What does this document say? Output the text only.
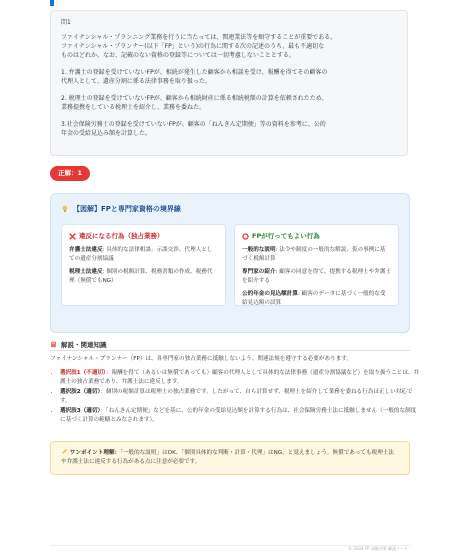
問1

ファイナンシャル・プランニング業務を行うに当たっては、関連業法等を順守することが重要である。

ファイナンシャル・プランナー(以下「FP」という)の行為に関する次の記述のうち、最も不適切な

ものはどれか。なお、記載のない資格の登録等については一切考慮しないこととする。

1. 弁護士の登録を受けていないFPが、相続が発生した顧客から相談を受け、報酬を得てその顧客の

代理人として、遺産分割に係る法律事務を取り扱った。

2. 税理士の登録を受けていないFPが、顧客から相続財産に係る相続税額の計算を依頼されたため、

業務提携をしている税理士を紹介し、業務を委ねた。

3.社会保険労務士の登録を受けていないFPが、顧客の「ねんきん定期便」等の資料を参考に、公的

年金の受給見込み額を計算した。

正解：1
【図解】FPと専門家資格の境界線
違反になる行為（独占業務）

弁護士法違反: 具体的な法律相談、示談交渉、代理人としての遺産分割協議

税理士法違反: 個別の税額計算、税務書類の作成、税務代理（無償でもNG）

FPが行ってもよい行為

一般的な説明: 法令や制度の一般的な解説、仮の事例に基づく税額計算

専門家の紹介: 顧客の同意を得て、提携する税理士や弁護士を紹介する

公的年金の見込額計算: 顧客のデータに基づく一般的な受給見込額の試算

解説・関連知識

ファイナンシャル・プランナー（FP）は、各専門家の独占業務に抵触しないよう、関連法規を遵守する必要があります。

• 選択肢1（不適切）：報酬を得て（あるいは無償であっても）顧客の代理人として具体的な法律事務（遺産分割協議など）を取り扱うことは、弁護士の独占業務であり、弁護士法に違反します。
• 選択肢2（適切）：個別の税額計算は税理士の独占業務です。したがって、自ら計算せず、税理士を紹介して業務を委ねる行為は正しい対応です。
• 選択肢3（適切）：「ねんきん定期便」などを基に、公的年金の受給見込額を計算する行為は、社会保険労務士法に抵触しません（一般的な制度に基づく計算の範疇とみなされます）。
ワンポイント理解：「一般的な説明」はOK、「個別具体的な判断・計算・代理」はNG、と覚えましょう。無償であっても税理士法や弁護士法に違反する行為がある点に注意が必要です。
© 2024 FP 試験対策 解説ノート
